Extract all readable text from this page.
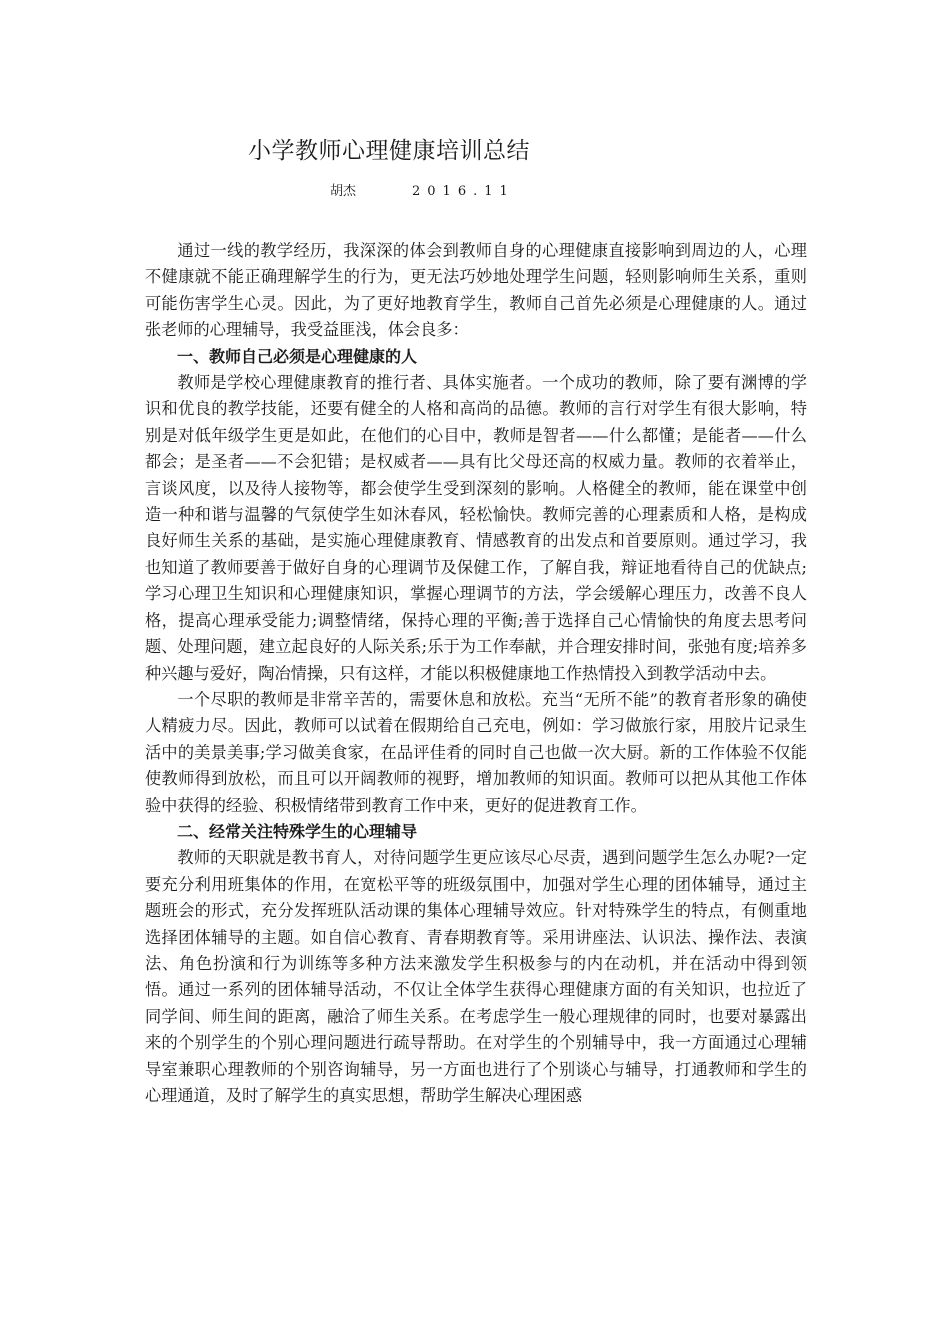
小学教师心理健康培训总结
胡杰	2016.11

通过一线的教学经历，我深深的体会到教师自身的心理健康直接影响到周边的人，心理不健康就不能正确理解学生的行为，更无法巧妙地处理学生问题，轻则影响师生关系，重则可能伤害学生心灵。因此，为了更好地教育学生，教师自己首先必须是心理健康的人。通过张老师的心理辅导，我受益匪浅，体会良多：

一、教师自己必须是心理健康的人

教师是学校心理健康教育的推行者、具体实施者。一个成功的教师，除了要有渊博的学识和优良的教学技能，还要有健全的人格和高尚的品德。教师的言行对学生有很大影响，特别是对低年级学生更是如此，在他们的心目中，教师是智者——什么都懂；是能者——什么都会；是圣者——不会犯错；是权威者——具有比父母还高的权威力量。教师的衣着举止，言谈风度，以及待人接物等，都会使学生受到深刻的影响。人格健全的教师，能在课堂中创造一种和谐与温馨的气氛使学生如沐春风，轻松愉快。教师完善的心理素质和人格，是构成良好师生关系的基础，是实施心理健康教育、情感教育的出发点和首要原则。通过学习，我也知道了教师要善于做好自身的心理调节及保健工作，了解自我，辩证地看待自己的优缺点;学习心理卫生知识和心理健康知识，掌握心理调节的方法，学会缓解心理压力，改善不良人格，提高心理承受能力;调整情绪，保持心理的平衡;善于选择自己心情愉快的角度去思考问题、处理问题，建立起良好的人际关系;乐于为工作奉献，并合理安排时间，张弛有度;培养多种兴趣与爱好，陶冶情操，只有这样，才能以积极健康地工作热情投入到教学活动中去。

一个尽职的教师是非常辛苦的，需要休息和放松。充当“无所不能”的教育者形象的确使人精疲力尽。因此，教师可以试着在假期给自己充电，例如：学习做旅行家，用胶片记录生活中的美景美事;学习做美食家，在品评佳肴的同时自己也做一次大厨。新的工作体验不仅能使教师得到放松，而且可以开阔教师的视野，增加教师的知识面。教师可以把从其他工作体验中获得的经验、积极情绪带到教育工作中来，更好的促进教育工作。

二、经常关注特殊学生的心理辅导

教师的天职就是教书育人，对待问题学生更应该尽心尽责，遇到问题学生怎么办呢?一定要充分利用班集体的作用，在宽松平等的班级氛围中，加强对学生心理的团体辅导，通过主题班会的形式，充分发挥班队活动课的集体心理辅导效应。针对特殊学生的特点，有侧重地选择团体辅导的主题。如自信心教育、青春期教育等。采用讲座法、认识法、操作法、表演法、角色扮演和行为训练等多种方法来激发学生积极参与的内在动机，并在活动中得到领悟。通过一系列的团体辅导活动，不仅让全体学生获得心理健康方面的有关知识，也拉近了同学间、师生间的距离，融洽了师生关系。在考虑学生一般心理规律的同时，也要对暴露出来的个别学生的个别心理问题进行疏导帮助。在对学生的个别辅导中，我一方面通过心理辅导室兼职心理教师的个别咨询辅导，另一方面也进行了个别谈心与辅导，打通教师和学生的心理通道，及时了解学生的真实思想，帮助学生解决心理困惑
